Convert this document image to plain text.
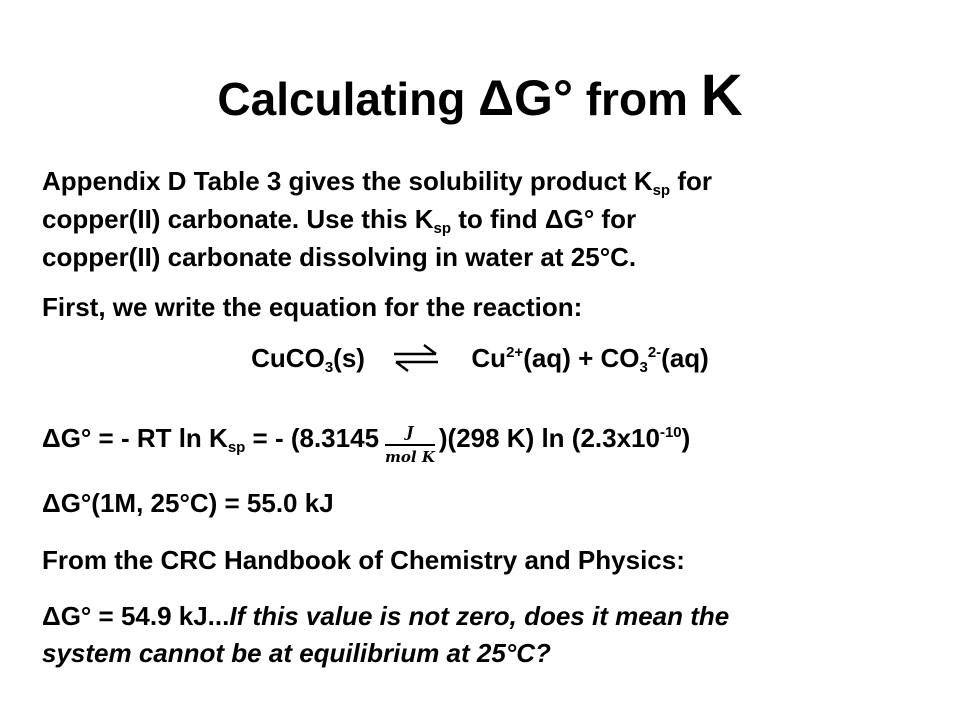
Calculating ΔG° from K
Appendix D Table 3 gives the solubility product $K_{sp}$ for
copper(II) carbonate. Use this $K_{sp}$ to find ΔG° for
copper(II) carbonate dissolving in water at 25°C.
First, we write the equation for the reaction:
CuCO$_3$(s) ⇌ $Cu^{2+}(aq) + CO_3^{2-}(aq)$
ΔG° = - RT $\ln K_{sp}$ = - $(8.3145 \frac{J}{\text{mol K}} )(298$ K) $\ln (2.3x10^{-10})$
ΔG°(1M, 25°C) = 55.0 kJ
From the CRC Handbook of Chemistry and Physics:
ΔG° = 54.9 kJ...If this value is not zero, does it mean the
system cannot be at equilibrium at 25°C?
